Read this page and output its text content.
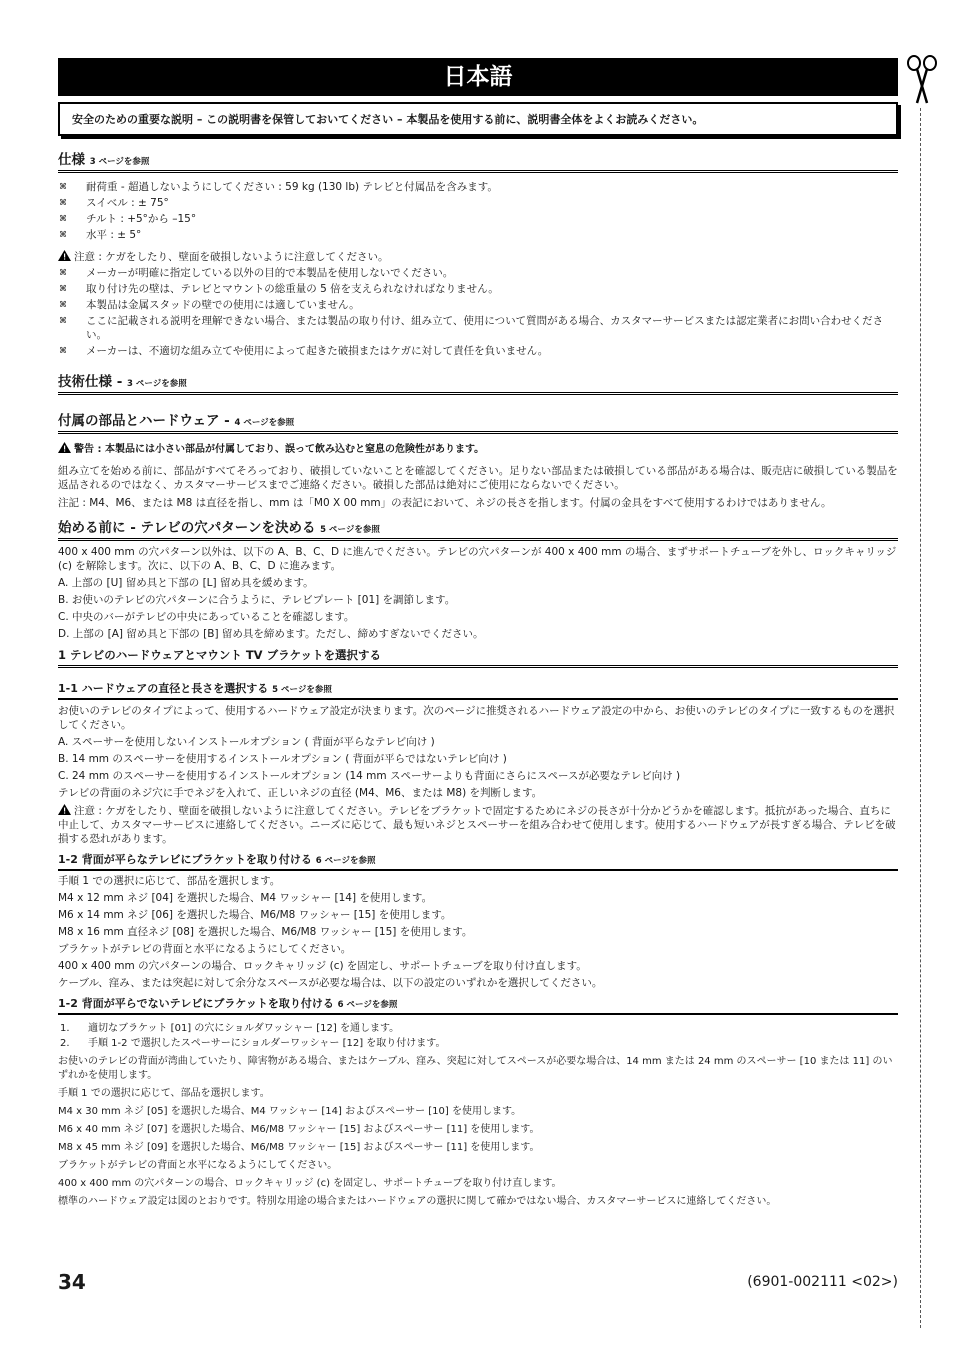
日本語
安全のための重要な説明 – この説明書を保管しておいてください – 本製品を使用する前に、説明書全体をよくお読みください。
仕様 3 ページを参照
⌘ 耐荷重 - 超過しないようにしてください : 59 kg (130 lb) テレビと付属品を含みます。
⌘ スイベル : ± 75°
⌘ チルト : +5°から –15°
⌘ 水平 : ± 5°

注意 : ケガをしたり、壁面を破損しないように注意してください。

⌘ メーカーが明確に指定している以外の目的で本製品を使用しないでください。
⌘ 取り付け先の壁は、テレビとマウントの総重量の 5 倍を支えられなければなりません。
⌘ 本製品は金属スタッドの壁での使用には適していません。
⌘ ここに記載される説明を理解できない場合、または製品の取り付け、組み立て、使用について質問がある場合、カスタマーサービスまたは認定業者にお問い合わせください。
⌘ メーカーは、不適切な組み立てや使用によって起きた破損またはケガに対して責任を負いません。
技術仕様 - 3 ページを参照
付属の部品とハードウェア - 4 ページを参照

警告 : 本製品には小さい部品が付属しており、誤って飲み込むと窒息の危険性があります。

組み立てを始める前に、部品がすべてそろっており、破損していないことを確認してください。足りない部品または破損している部品がある場合は、販売店に破損している製品を返品されるのではなく、カスタマーサービスまでご連絡ください。破損した部品は絶対にご使用にならないでください。

注記 : M4、M6、または M8 は直径を指し、mm は「M0 X 00 mm」の表記において、ネジの長さを指します。付属の金具をすべて使用するわけではありません。

始める前に - テレビの穴パターンを決める 5 ページを参照

400 x 400 mm の穴パターン以外は、以下の A、B、C、D に進んでください。テレビの穴パターンが 400 x 400 mm の場合、まずサポートチューブを外し、ロックキャリッジ (c) を解除します。次に、以下の A、B、C、D に進みます。

A. 上部の [U] 留め具と下部の [L] 留め具を緩めます。

B. お使いのテレビの穴パターンに合うように、テレビプレート [01] を調節します。

C. 中央のバーがテレビの中央にあっていることを確認します。

D. 上部の [A] 留め具と下部の [B] 留め具を締めます。ただし、締めすぎないでください。

1 テレビのハードウェアとマウント TV ブラケットを選択する
1-1 ハードウェアの直径と長さを選択する 5 ページを参照

お使いのテレビのタイプによって、使用するハードウェア設定が決まります。次のページに推奨されるハードウェア設定の中から、お使いのテレビのタイプに一致するものを選択してください。

A. スペーサーを使用しないインストールオプション ( 背面が平らなテレビ向け )

B. 14 mm のスペーサーを使用するインストールオプション ( 背面が平らではないテレビ向け )

C. 24 mm のスペーサーを使用するインストールオプション (14 mm スペーサーよりも背面にさらにスペースが必要なテレビ向け )

テレビの背面のネジ穴に手でネジを入れて、正しいネジの直径 (M4、M6、または M8) を判断します。

注意 : ケガをしたり、壁面を破損しないように注意してください。テレビをブラケットで固定するためにネジの長さが十分かどうかを確認します。抵抗があった場合、直ちに中止して、カスタマーサービスに連絡してください。ニーズに応じて、最も短いネジとスペーサーを組み合わせて使用します。使用するハードウェアが長すぎる場合、テレビを破損する恐れがあります。

1-2 背面が平らなテレビにブラケットを取り付ける 6 ページを参照

手順 1 での選択に応じて、部品を選択します。

M4 x 12 mm ネジ [04] を選択した場合、M4 ワッシャー [14] を使用します。

M6 x 14 mm ネジ [06] を選択した場合、M6/M8 ワッシャー [15] を使用します。

M8 x 16 mm 直径ネジ [08] を選択した場合、M6/M8 ワッシャー [15] を使用します。

ブラケットがテレビの背面と水平になるようにしてください。

400 x 400 mm の穴パターンの場合、ロックキャリッジ (c) を固定し、サポートチューブを取り付け直します。

ケーブル、窪み、または突起に対して余分なスペースが必要な場合は、以下の設定のいずれかを選択してください。

1-2 背面が平らでないテレビにブラケットを取り付ける 6 ページを参照
1. 適切なブラケット [01] の穴にショルダワッシャー [12] を通します。
2. 手順 1-2 で選択したスペーサーにショルダーワッシャー [12] を取り付けます。

お使いのテレビの背面が湾曲していたり、障害物がある場合、またはケーブル、窪み、突起に対してスペースが必要な場合は、14 mm または 24 mm のスペーサー [10 または 11] のいずれかを使用します。

手順 1 での選択に応じて、部品を選択します。

M4 x 30 mm ネジ [05] を選択した場合、M4 ワッシャー [14] およびスペーサー [10] を使用します。

M6 x 40 mm ネジ [07] を選択した場合、M6/M8 ワッシャー [15] およびスペーサー [11] を使用します。

M8 x 45 mm ネジ [09] を選択した場合、M6/M8 ワッシャー [15] およびスペーサー [11] を使用します。

ブラケットがテレビの背面と水平になるようにしてください。

400 x 400 mm の穴パターンの場合、ロックキャリッジ (c) を固定し、サポートチューブを取り付け直します。

標準のハードウェア設定は図のとおりです。特別な用途の場合またはハードウェアの選択に関して確かではない場合、カスタマーサービスに連絡してください。

34	(6901-002111 <02>)
